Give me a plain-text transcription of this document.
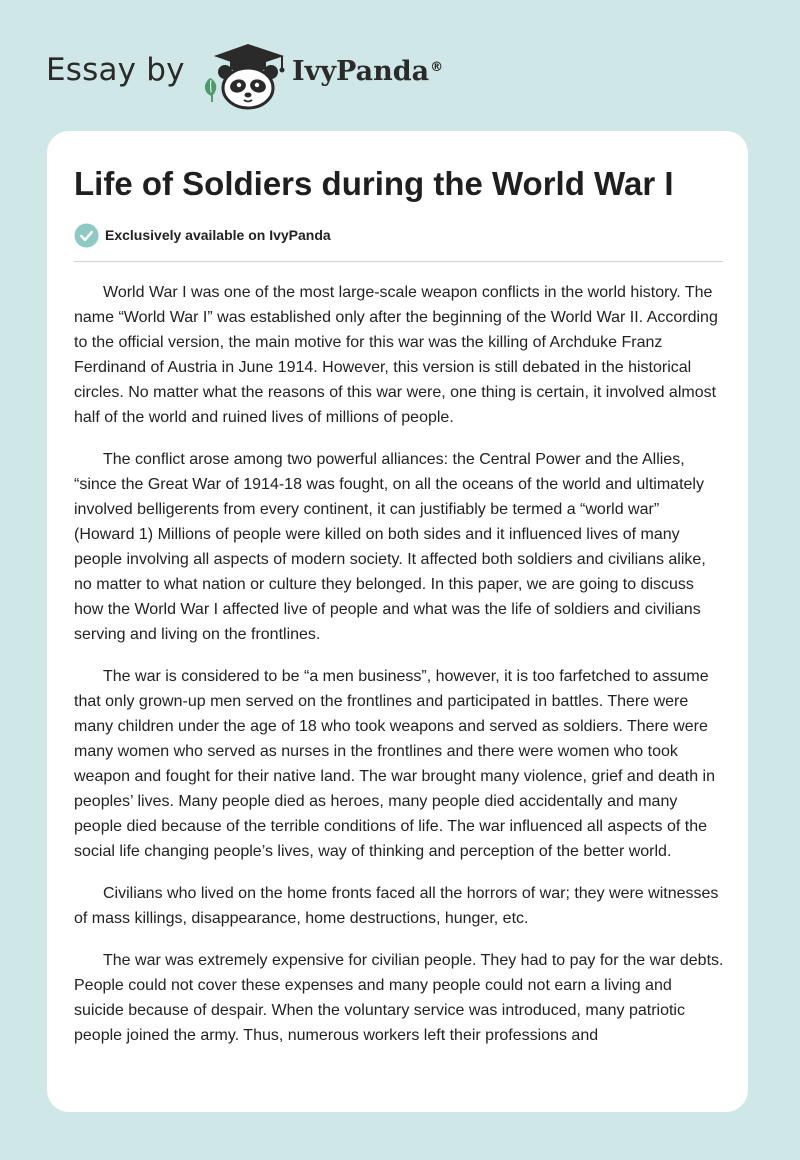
Essay by	IvyPanda®
Life of Soldiers during the World War I
Exclusively available on IvyPanda

World War I was one of the most large-scale weapon conflicts in the world history. The name “World War I” was established only after the beginning of the World War II. According to the official version, the main motive for this war was the killing of Archduke Franz Ferdinand of Austria in June 1914. However, this version is still debated in the historical circles. No matter what the reasons of this war were, one thing is certain, it involved almost half of the world and ruined lives of millions of people.

The conflict arose among two powerful alliances: the Central Power and the Allies, “since the Great War of 1914-18 was fought, on all the oceans of the world and ultimately involved belligerents from every continent, it can justifiably be termed a “world war” (Howard 1) Millions of people were killed on both sides and it influenced lives of many people involving all aspects of modern society. It affected both soldiers and civilians alike, no matter to what nation or culture they belonged. In this paper, we are going to discuss how the World War I affected live of people and what was the life of soldiers and civilians serving and living on the frontlines.

The war is considered to be “a men business”, however, it is too farfetched to assume that only grown-up men served on the frontlines and participated in battles. There were many children under the age of 18 who took weapons and served as soldiers. There were many women who served as nurses in the frontlines and there were women who took weapon and fought for their native land. The war brought many violence, grief and death in peoples’ lives. Many people died as heroes, many people died accidentally and many people died because of the terrible conditions of life. The war influenced all aspects of the social life changing people’s lives, way of thinking and perception of the better world.

Civilians who lived on the home fronts faced all the horrors of war; they were witnesses of mass killings, disappearance, home destructions, hunger, etc.

The war was extremely expensive for civilian people. They had to pay for the war debts. People could not cover these expenses and many people could not earn a living and suicide because of despair. When the voluntary service was introduced, many patriotic people joined the army. Thus, numerous workers left their professions and
